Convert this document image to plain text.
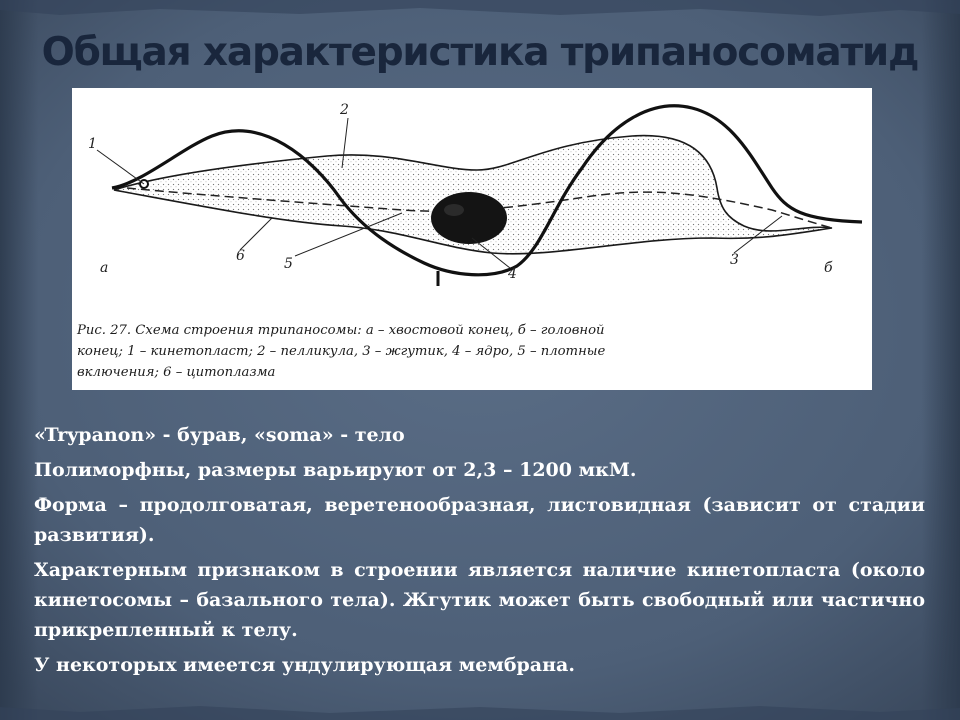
Общая характеристика трипаносоматид
1
2
6	5
4
3
а	б
Рис. 27. Схема строения трипаносомы: а – хвостовой конец, б – головной
конец; 1 – кинетопласт; 2 – пелликула, 3 – жгутик, 4 – ядро, 5 – плотные
включения; 6 – цитоплазма

«Trypanon» - бурав, «soma» - тело

Полиморфны, размеры варьируют от 2,3 – 1200 мкМ.

Форма – продолговатая, веретенообразная, листовидная (зависит от стадии развития).

Характерным признаком в строении является наличие кинетопласта (около кинетосомы – базального тела). Жгутик может быть свободный или частично прикрепленный к телу.

У некоторых имеется ундулирующая мембрана.
